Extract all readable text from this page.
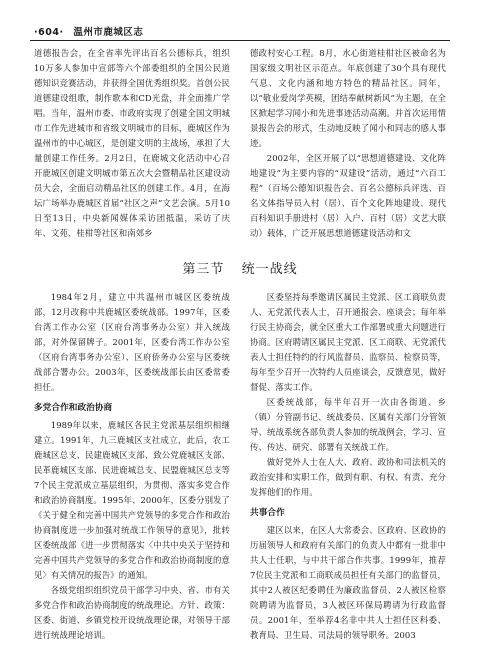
·604· 温州市鹿城区志

道德报告会，在全省率先评出百名公德标兵，组织10万多人参加中宣部等六个部委组织的全国公民道德知识竞赛活动，并获得全国优秀组织奖。首创公民道德建设组歌，制作歌本和CD光盘，并全面推广学唱。当年，温州市委、市政府实现了创建全国文明城市工作先进城市和省级文明城市的目标，鹿城区作为温州市的中心城区，是创建文明的主战场，承担了大量创建工作任务。2月2日，在鹿城文化活动中心召开鹿城区创建文明城市第五次大会暨精品社区建设动员大会，全面启动精品社区的创建工作。4月，在海坛广场举办鹿城区首届“社区之声”文艺会演。5月10日至13日，中央新闻媒体采访团抵温，采访了庆年、文苑、桂柑等社区和南郊乡

德政村安心工程。8月，水心街道桂柑社区被命名为国家级文明社区示范点。年底创建了30个具有现代气息、文化内涵和地方特色的精品社区。同年，以“敬业爱岗学英模，团结奉献树新风”为主题，在全区掀起学习闻小和先进事迹活动高潮。并首次运用情景报告会的形式，生动地反映了闻小和同志的感人事迹。

2002年，全区开展了以“思想道德建设、文化阵地建设”为主要内容的“双建设”活动，通过“六百工程”（百场公德知识报告会、百名公德标兵评选、百名文体指导员入村（居）、百个文化阵地建设、现代百科知识手册进村（居）入户、百村（居）文艺大联动）载体，广泛开展思想道德建设活动和文

第三节 统一战线

1984年2月，建立中共温州市城区区委统战部，12月改称中共鹿城区委统战部。1997年，区委台湾工作办公室（区府台湾事务办公室）并入统战部，对外保留牌子。2001年，区委台湾工作办公室（区府台湾事务办公室）、区府侨务办公室与区委统战部合署办公。2003年，区委统战部长由区委常委担任。

多党合作和政治协商

1989年以来，鹿城区各民主党派基层组织相继建立。1991年，九三鹿城区支社成立，此后，农工鹿城区总支、民建鹿城区支部、致公党鹿城区支部、民革鹿城区支部、民进鹿城总支、民盟鹿城区总支等7个民主党派成立基层组织，为贯彻、落实多党合作和政治协商制度。1995年、2000年，区委分别发了《关于健全和完善中国共产党领导的多党合作和政治协商制度进一步加强对统战工作领导的意见》，批转区委统战部《进一步贯彻落实〈中共中央关于坚持和完善中国共产党领导的多党合作和政治协商制度的意见〉有关情况的报告》的通知。

各级党组织组织党员干部学习中央、省、市有关多党合作和政治协商制度的统战理论。方针、政策：区委、街道、乡镇党校开设统战理论课，对领导干部进行统战理论培训。

区委坚持每季邀请区属民主党派、区工商联负责人、无党派代表人士，召开通报会、座谈会；每年举行民主协商会，就全区重大工作部署或重大问题进行协商。区府聘请区属民主党派、区工商联、无党派代表人士担任特约的行风监督员、监察员、检察员等，每年至少召开一次特约人员座谈会，反馈意见，做好督促、落实工作。

区委统战部，每半年召开一次由各街道、乡（镇）分管副书记、统战委员、区属有关部门分管领导、统战系统各部负责人参加的统战例会，学习、宣传、传达、研究、部署有关统战工作。

做好党外人士在人大、政府、政协和司法机关的政治安排和实职工作，做到有职、有权、有责、充分发挥他们的作用。

共事合作

建区以来，在区人大常委会、区政府、区政协的历届领导人和政府有关部门的负责人中都有一批非中共人士任职，与中共干部合作共事。1999年，推荐7位民主党派和工商联成员担任有关部门的监督员，其中2人被区纪委聘任为廉政监督员、2人被区检察院聘请为监督员，3人被区环保局聘请为行政监督员。2001年，至举荐4名非中共人士担任区科委、教育局、卫生局、司法局的领导职务。2003
